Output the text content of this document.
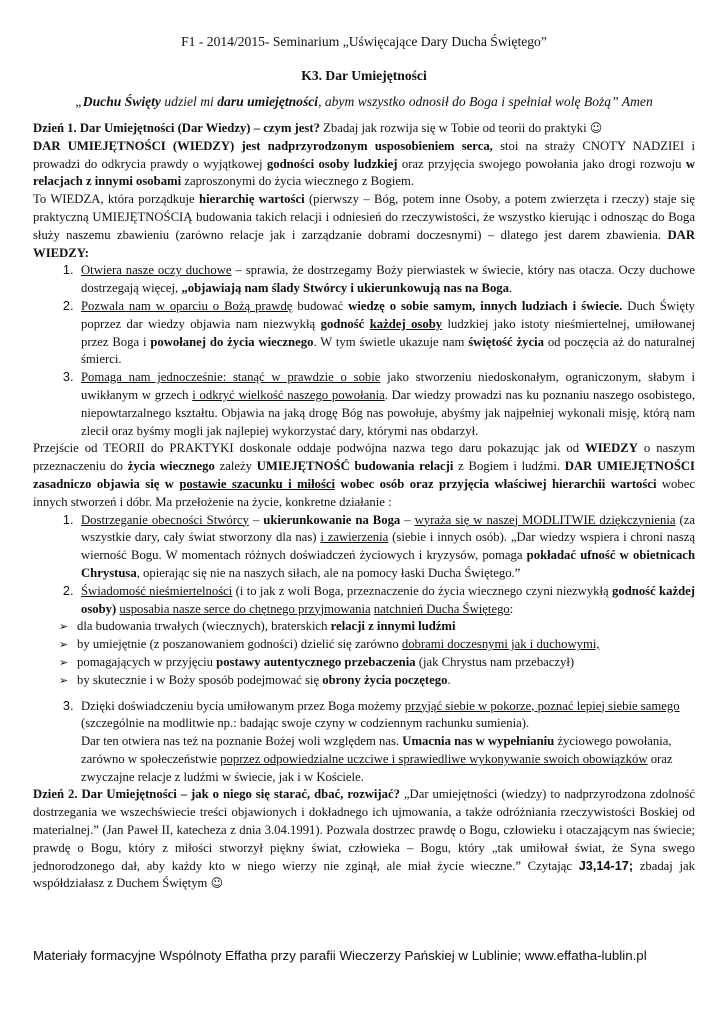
F1 - 2014/2015- Seminarium „Uświęcające Dary Ducha Świętego”
K3. Dar Umiejętności
„Duchu Święty udziel mi daru umiejętności, abym wszystko odnosił do Boga i spełniał wolę Bożą” Amen

Dzień 1. Dar Umiejętności (Dar Wiedzy) – czym jest? Zbadaj jak rozwija się w Tobie od teorii do praktyki ☺
DAR UMIEJĘTNOŚCI (WIEDZY) jest nadprzyrodzonym usposobieniem serca, stoi na straży CNOTY NADZIEI i prowadzi do odkrycia prawdy o wyjątkowej godności osoby ludzkiej oraz przyjęcia swojego powołania jako drogi rozwoju w relacjach z innymi osobami zaproszonymi do życia wiecznego z Bogiem.

To WIEDZA, która porządkuje hierarchię wartości (pierwszy – Bóg, potem inne Osoby, a potem zwierzęta i rzeczy) staje się praktyczną UMIEJĘTNOŚCIĄ budowania takich relacji i odniesień do rzeczywistości, że wszystko kierując i odnosząc do Boga służy naszemu zbawieniu (zarówno relacje jak i zarządzanie dobrami doczesnymi) – dlatego jest darem zbawienia. DAR WIEDZY:

1. Otwiera nasze oczy duchowe – sprawia, że dostrzegamy Boży pierwiastek w świecie, który nas otacza. Oczy duchowe dostrzegają więcej, „objawiają nam ślady Stwórcy i ukierunkowują nas na Boga.
2. Pozwala nam w oparciu o Bożą prawdę budować wiedzę o sobie samym, innych ludziach i świecie. Duch Święty poprzez dar wiedzy objawia nam niezwykłą godność każdej osoby ludzkiej jako istoty nieśmiertelnej, umiłowanej przez Boga i powołanej do życia wiecznego. W tym świetle ukazuje nam świętość życia od poczęcia aż do naturalnej śmierci.
3. Pomaga nam jednocześnie: stanąć w prawdzie o sobie jako stworzeniu niedoskonałym, ograniczonym, słabym i uwikłanym w grzech i odkryć wielkość naszego powołania. Dar wiedzy prowadzi nas ku poznaniu naszego osobistego, niepowtarzalnego kształtu. Objawia na jaką drogę Bóg nas powołuje, abyśmy jak najpełniej wykonali misję, którą nam zlecił oraz byśmy mogli jak najlepiej wykorzystać dary, którymi nas obdarzył.

Przejście od TEORII do PRAKTYKI doskonale oddaje podwójna nazwa tego daru pokazując jak od WIEDZY o naszym przeznaczeniu do życia wiecznego zależy UMIEJĘTNOŚĆ budowania relacji z Bogiem i ludźmi. DAR UMIEJĘTNOŚCI zasadniczo objawia się w postawie szacunku i miłości wobec osób oraz przyjęcia właściwej hierarchii wartości wobec innych stworzeń i dóbr. Ma przełożenie na życie, konkretne działanie :

1. Dostrzeganie obecności Stwórcy – ukierunkowanie na Boga – wyraża się w naszej MODLITWIE dziękczynienia (za wszystkie dary, cały świat stworzony dla nas) i zawierzenia (siebie i innych osób). „Dar wiedzy wspiera i chroni naszą wierność Bogu. W momentach różnych doświadczeń życiowych i kryzysów, pomaga pokładać ufność w obietnicach Chrystusa, opierając się nie na naszych siłach, ale na pomocy łaski Ducha Świętego.”
2. Świadomość nieśmiertelności (i to jak z woli Boga, przeznaczenie do życia wiecznego czyni niezwykłą godność każdej osoby) usposabia nasze serce do chętnego przyjmowania natchnień Ducha Świętego:
➢ dla budowania trwałych (wiecznych), braterskich relacji z innymi ludźmi
➢ by umiejętnie (z poszanowaniem godności) dzielić się zarówno dobrami doczesnymi jak i duchowymi,
➢ pomagających w przyjęciu postawy autentycznego przebaczenia (jak Chrystus nam przebaczył)
➢ by skutecznie i w Boży sposób podejmować się obrony życia poczętego.
3. Dzięki doświadczeniu bycia umiłowanym przez Boga możemy przyjąć siebie w pokorze, poznać lepiej siebie samego (szczególnie na modlitwie np.: badając swoje czyny w codziennym rachunku sumienia).
Dar ten otwiera nas też na poznanie Bożej woli względem nas. Umacnia nas w wypełnianiu życiowego powołania, zarówno w społeczeństwie poprzez odpowiedzialne uczciwe i sprawiedliwe wykonywanie swoich obowiązków oraz zwyczajne relacje z ludźmi w świecie, jak i w Kościele.

Dzień 2. Dar Umiejętności – jak o niego się starać, dbać, rozwijać? „Dar umiejętności (wiedzy) to nadprzyrodzona zdolność dostrzegania we wszechświecie treści objawionych i dokładnego ich ujmowania, a także odróżniania rzeczywistości Boskiej od materialnej.” (Jan Paweł II, katecheza z dnia 3.04.1991). Pozwala dostrzec prawdę o Bogu, człowieku i otaczającym nas świecie; prawdę o Bogu, który z miłości stworzył piękny świat, człowieka – Bogu, który „tak umiłował świat, że Syna swego jednorodzonego dał, aby każdy kto w niego wierzy nie zginął, ale miał życie wieczne.” Czytając J3,14-17; zbadaj jak współdziałasz z Duchem Świętym ☺

Materiały formacyjne Wspólnoty Effatha przy parafii Wieczerzy Pańskiej w Lublinie; www.effatha-lublin.pl
